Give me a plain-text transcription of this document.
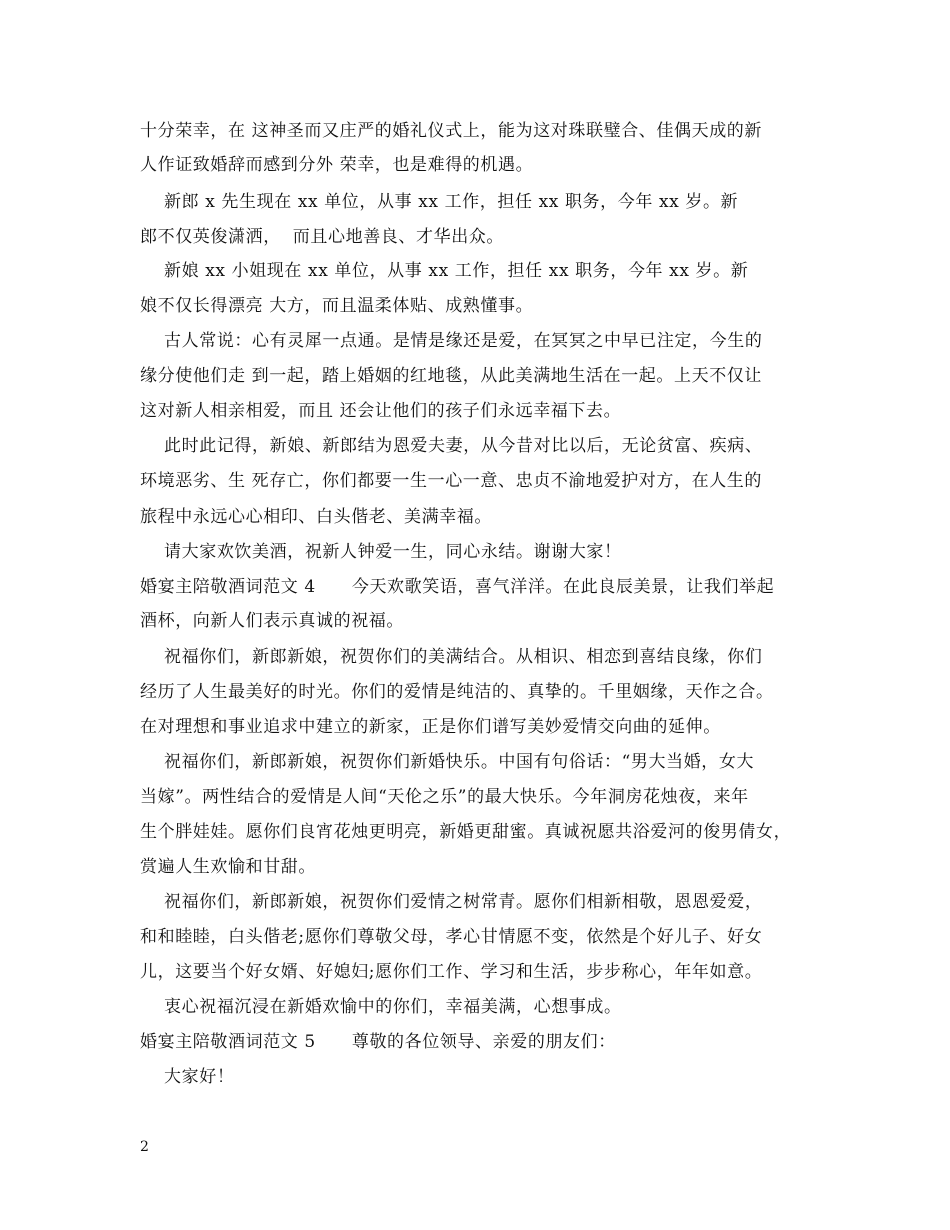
十分荣幸，在 这神圣而又庄严的婚礼仪式上，能为这对珠联璧合、佳偶天成的新
人作证致婚辞而感到分外 荣幸，也是难得的机遇。
新郎 x 先生现在 xx 单位，从事 xx 工作，担任 xx 职务，今年 xx 岁。新
郎不仅英俊潇洒，  而且心地善良、才华出众。
新娘 xx 小姐现在 xx 单位，从事 xx 工作，担任 xx 职务，今年 xx 岁。新
娘不仅长得漂亮 大方，而且温柔体贴、成熟懂事。
古人常说：心有灵犀一点通。是情是缘还是爱，在冥冥之中早已注定，今生的
缘分使他们走 到一起，踏上婚姻的红地毯，从此美满地生活在一起。上天不仅让
这对新人相亲相爱，而且 还会让他们的孩子们永远幸福下去。
此时此记得，新娘、新郎结为恩爱夫妻，从今昔对比以后，无论贫富、疾病、
环境恶劣、生 死存亡，你们都要一生一心一意、忠贞不渝地爱护对方，在人生的
旅程中永远心心相印、白头偕老、美满幸福。
请大家欢饮美酒，祝新人钟爱一生，同心永结。谢谢大家！
婚宴主陪敬酒词范文 4      今天欢歌笑语，喜气洋洋。在此良辰美景，让我们举起
酒杯，向新人们表示真诚的祝福。
祝福你们，新郎新娘，祝贺你们的美满结合。从相识、相恋到喜结良缘，你们
经历了人生最美好的时光。你们的爱情是纯洁的、真挚的。千里姻缘，天作之合。
在对理想和事业追求中建立的新家，正是你们谱写美妙爱情交向曲的延伸。
祝福你们，新郎新娘，祝贺你们新婚快乐。中国有句俗话：“男大当婚，女大
当嫁”。两性结合的爱情是人间“天伦之乐”的最大快乐。今年洞房花烛夜，来年
生个胖娃娃。愿你们良宵花烛更明亮，新婚更甜蜜。真诚祝愿共浴爱河的俊男倩女，
赏遍人生欢愉和甘甜。
祝福你们，新郎新娘，祝贺你们爱情之树常青。愿你们相新相敬，恩恩爱爱，
和和睦睦，白头偕老;愿你们尊敬父母，孝心甘情愿不变，依然是个好儿子、好女
儿，这要当个好女婿、好媳妇;愿你们工作、学习和生活，步步称心，年年如意。
衷心祝福沉浸在新婚欢愉中的你们，幸福美满，心想事成。
婚宴主陪敬酒词范文 5      尊敬的各位领导、亲爱的朋友们：
大家好！
2
